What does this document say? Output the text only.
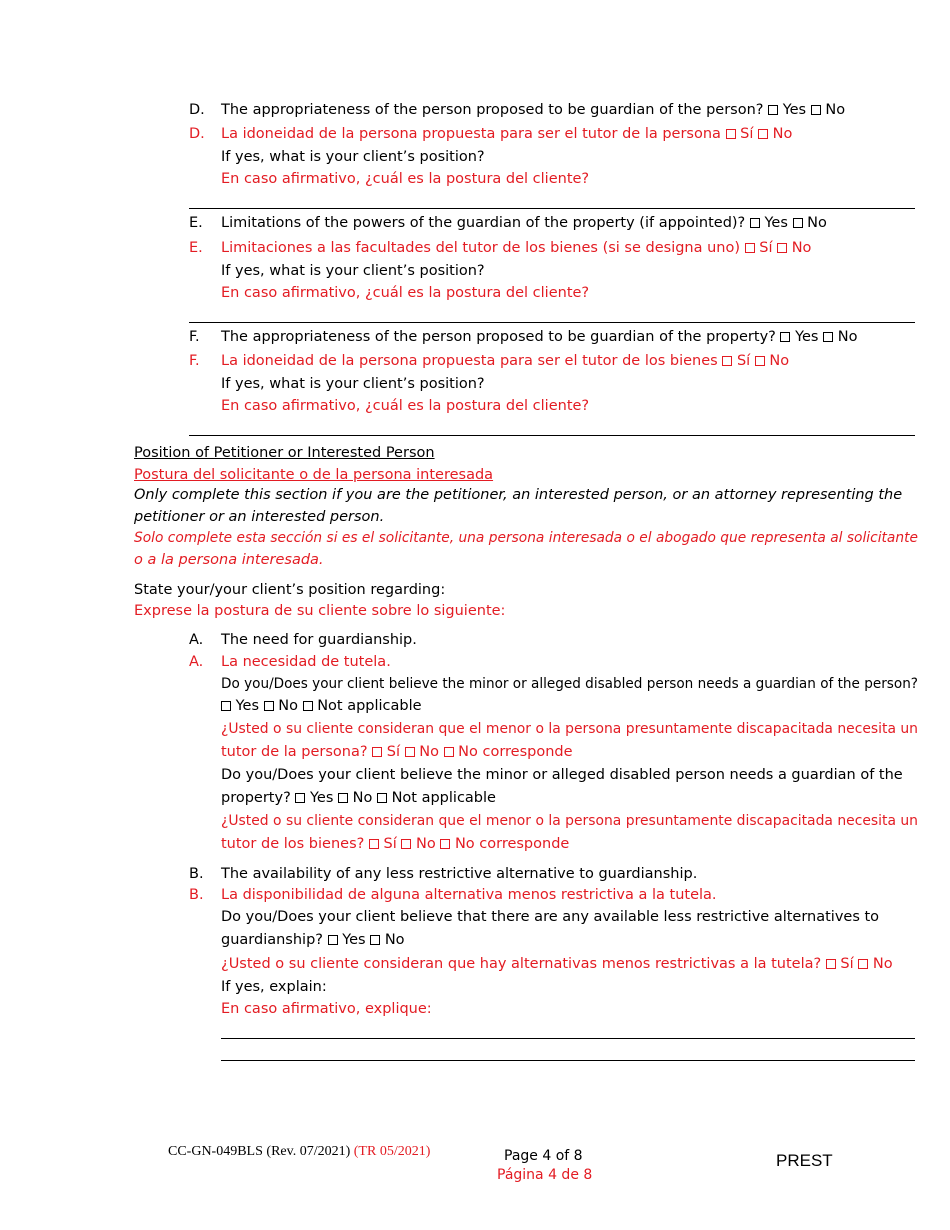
D. The appropriateness of the person proposed to be guardian of the person? Yes No
D. La idoneidad de la persona propuesta para ser el tutor de la persona Sí No
If yes, what is your client’s position?
En caso afirmativo, ¿cuál es la postura del cliente?
E. Limitations of the powers of the guardian of the property (if appointed)? Yes No
E. Limitaciones a las facultades del tutor de los bienes (si se designa uno) Sí No
If yes, what is your client’s position?
En caso afirmativo, ¿cuál es la postura del cliente?
F. The appropriateness of the person proposed to be guardian of the property? Yes No
F. La idoneidad de la persona propuesta para ser el tutor de los bienes Sí No
If yes, what is your client’s position?
En caso afirmativo, ¿cuál es la postura del cliente?
Position of Petitioner or Interested Person
Postura del solicitante o de la persona interesada
Only complete this section if you are the petitioner, an interested person, or an attorney representing the
petitioner or an interested person.
Solo complete esta sección si es el solicitante, una persona interesada o el abogado que representa al solicitante
o a la persona interesada.
State your/your client’s position regarding:
Exprese la postura de su cliente sobre lo siguiente:
A. The need for guardianship.
A. La necesidad de tutela.
Do you/Does your client believe the minor or alleged disabled person needs a guardian of the person?
Yes No Not applicable
¿Usted o su cliente consideran que el menor o la persona presuntamente discapacitada necesita un
tutor de la persona? Sí No No corresponde
Do you/Does your client believe the minor or alleged disabled person needs a guardian of the
property? Yes No Not applicable
¿Usted o su cliente consideran que el menor o la persona presuntamente discapacitada necesita un
tutor de los bienes? Sí No No corresponde
B. The availability of any less restrictive alternative to guardianship.
B. La disponibilidad de alguna alternativa menos restrictiva a la tutela.
Do you/Does your client believe that there are any available less restrictive alternatives to
guardianship? Yes No
¿Usted o su cliente consideran que hay alternativas menos restrictivas a la tutela? Sí No
If yes, explain:
En caso afirmativo, explique:
CC-GN-049BLS (Rev. 07/2021) (TR 05/2021)	Page 4 of 8
Página 4 de 8
PREST
